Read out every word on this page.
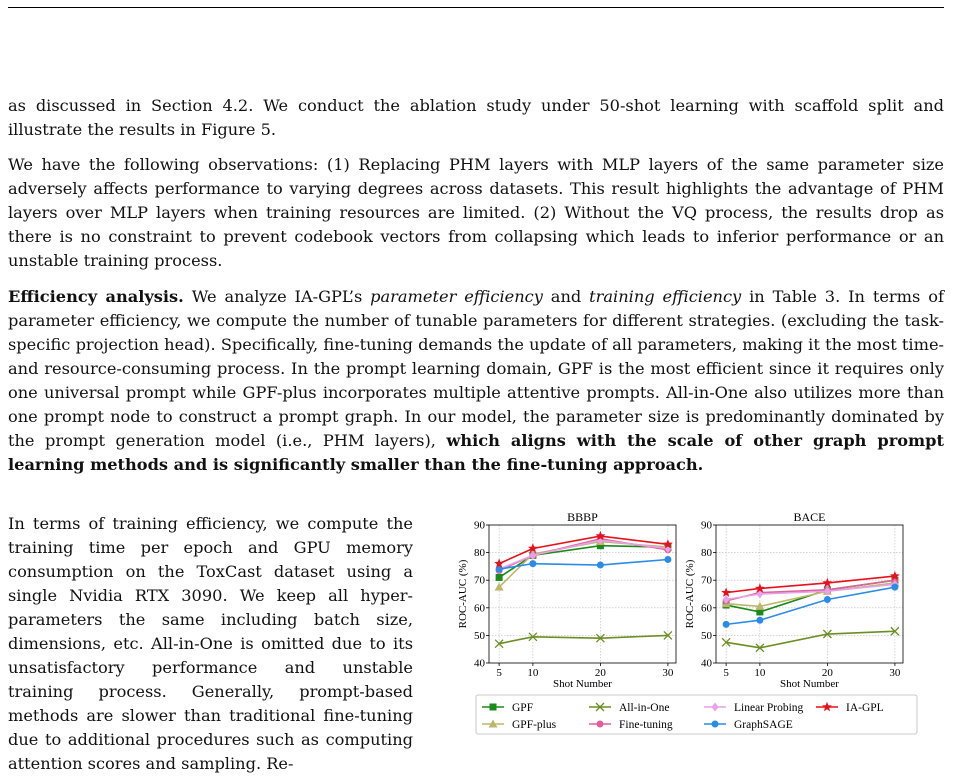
as discussed in Section 4.2. We conduct the ablation study under 50-shot learning with scaffold split and illustrate the results in Figure 5.

We have the following observations: (1) Replacing PHM layers with MLP layers of the same parameter size adversely affects performance to varying degrees across datasets. This result highlights the advantage of PHM layers over MLP layers when training resources are limited. (2) Without the VQ process, the results drop as there is no constraint to prevent codebook vectors from collapsing which leads to inferior performance or an unstable training process.

Efficiency analysis. We analyze IA-GPL’s parameter efficiency and training efficiency in Table 3. In terms of parameter efficiency, we compute the number of tunable parameters for different strategies. (excluding the task-specific projection head). Specifically, fine-tuning demands the update of all parameters, making it the most time- and resource-consuming process. In the prompt learning domain, GPF is the most efficient since it requires only one universal prompt while GPF-plus incorporates multiple attentive prompts. All-in-One also utilizes more than one prompt node to construct a prompt graph. In our model, the parameter size is predominantly dominated by the prompt generation model (i.e., PHM layers), which aligns with the scale of other graph prompt learning methods and is significantly smaller than the fine-tuning approach.

In terms of training efficiency, we compute the training time per epoch and GPU memory consumption on the ToxCast dataset using a single Nvidia RTX 3090. We keep all hyper-parameters the same including batch size, dimensions, etc. All-in-One is omitted due to its unsatisfactory performance and unstable training process. Generally, prompt-based methods are slower than traditional fine-tuning due to additional procedures such as computing attention scores and sampling. Re-

40
50
60
70
80
90
5 10	20	30
BBBP
Shot Number
ROC-AUC (%)
40
50
60
70
80
90
5 10	20	30
BACE
Shot Number
ROC-AUC (%)
GPF	All-in-One	Linear Probing	IA-GPL
GPF-plus	Fine-tuning	GraphSAGE
